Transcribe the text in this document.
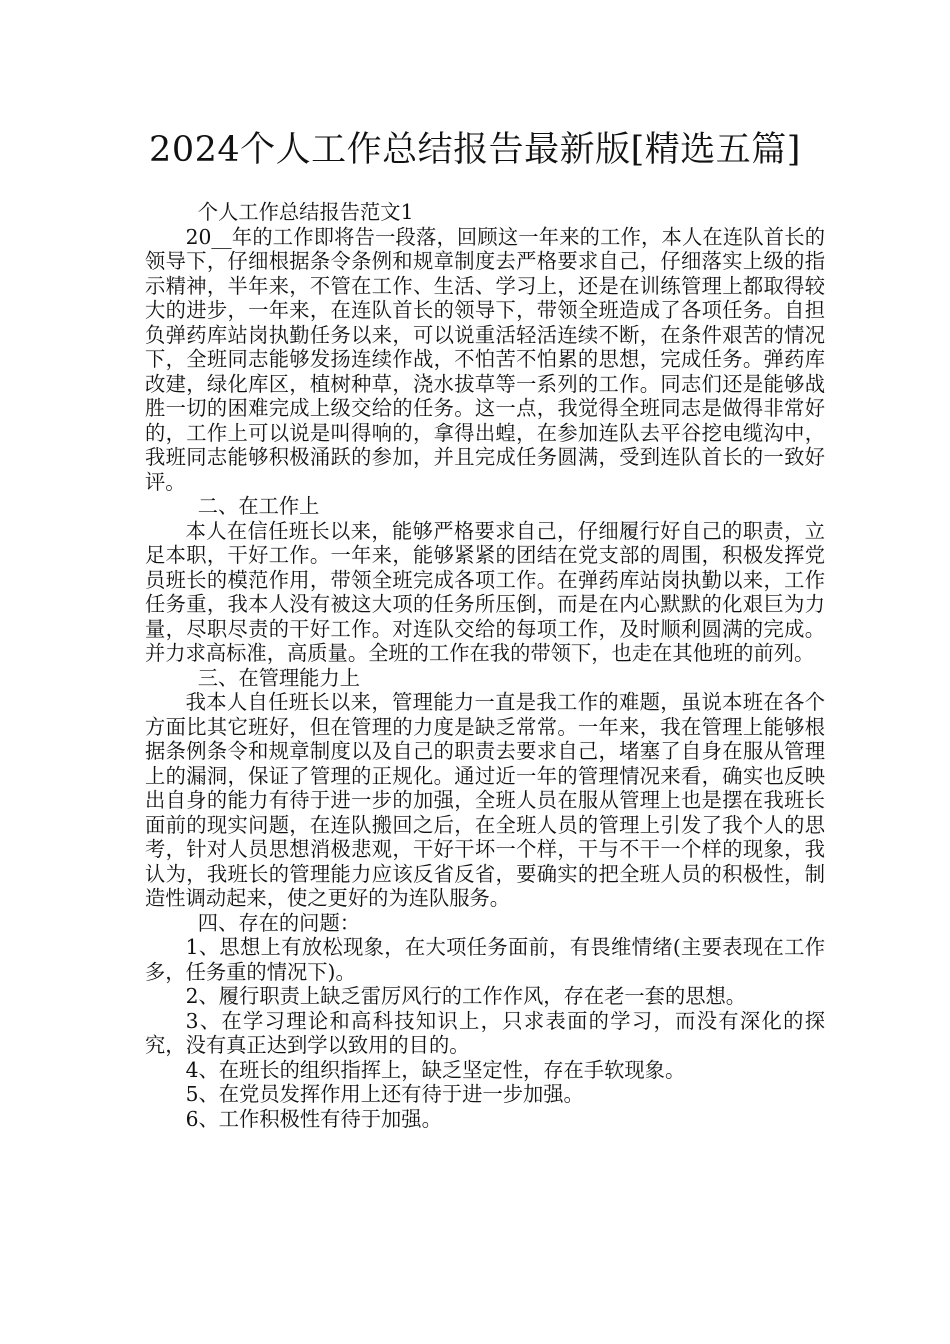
2024个人工作总结报告最新版[精选五篇]

个人工作总结报告范文1

20__年的工作即将告一段落，回顾这一年来的工作，本人在连队首长的领导下，仔细根据条令条例和规章制度去严格要求自己，仔细落实上级的指示精神，半年来，不管在工作、生活、学习上，还是在训练管理上都取得较大的进步，一年来，在连队首长的领导下，带领全班造成了各项任务。自担负弹药库站岗执勤任务以来，可以说重活轻活连续不断，在条件艰苦的情况下，全班同志能够发扬连续作战，不怕苦不怕累的思想，完成任务。弹药库改建，绿化库区，植树种草，浇水拔草等一系列的工作。同志们还是能够战胜一切的困难完成上级交给的任务。这一点，我觉得全班同志是做得非常好的，工作上可以说是叫得响的，拿得出蝗，在参加连队去平谷挖电缆沟中，我班同志能够积极涌跃的参加，并且完成任务圆满，受到连队首长的一致好评。

二、在工作上

本人在信任班长以来，能够严格要求自己，仔细履行好自己的职责，立足本职，干好工作。一年来，能够紧紧的团结在党支部的周围，积极发挥党员班长的模范作用，带领全班完成各项工作。在弹药库站岗执勤以来，工作任务重，我本人没有被这大项的任务所压倒，而是在内心默默的化艰巨为力量，尽职尽责的干好工作。对连队交给的每项工作，及时顺利圆满的完成。并力求高标准，高质量。全班的工作在我的带领下，也走在其他班的前列。

三、在管理能力上

我本人自任班长以来，管理能力一直是我工作的难题，虽说本班在各个方面比其它班好，但在管理的力度是缺乏常常。一年来，我在管理上能够根据条例条令和规章制度以及自己的职责去要求自己，堵塞了自身在服从管理上的漏洞，保证了管理的正规化。通过近一年的管理情况来看，确实也反映出自身的能力有待于进一步的加强，全班人员在服从管理上也是摆在我班长面前的现实问题，在连队搬回之后，在全班人员的管理上引发了我个人的思考，针对人员思想消极悲观，干好干坏一个样，干与不干一个样的现象，我认为，我班长的管理能力应该反省反省，要确实的把全班人员的积极性，制造性调动起来，使之更好的为连队服务。

四、存在的问题：

1、思想上有放松现象，在大项任务面前，有畏维情绪(主要表现在工作多，任务重的情况下)。

2、履行职责上缺乏雷厉风行的工作作风，存在老一套的思想。

3、在学习理论和高科技知识上，只求表面的学习，而没有深化的探究，没有真正达到学以致用的目的。

4、在班长的组织指挥上，缺乏坚定性，存在手软现象。

5、在党员发挥作用上还有待于进一步加强。

6、工作积极性有待于加强。
